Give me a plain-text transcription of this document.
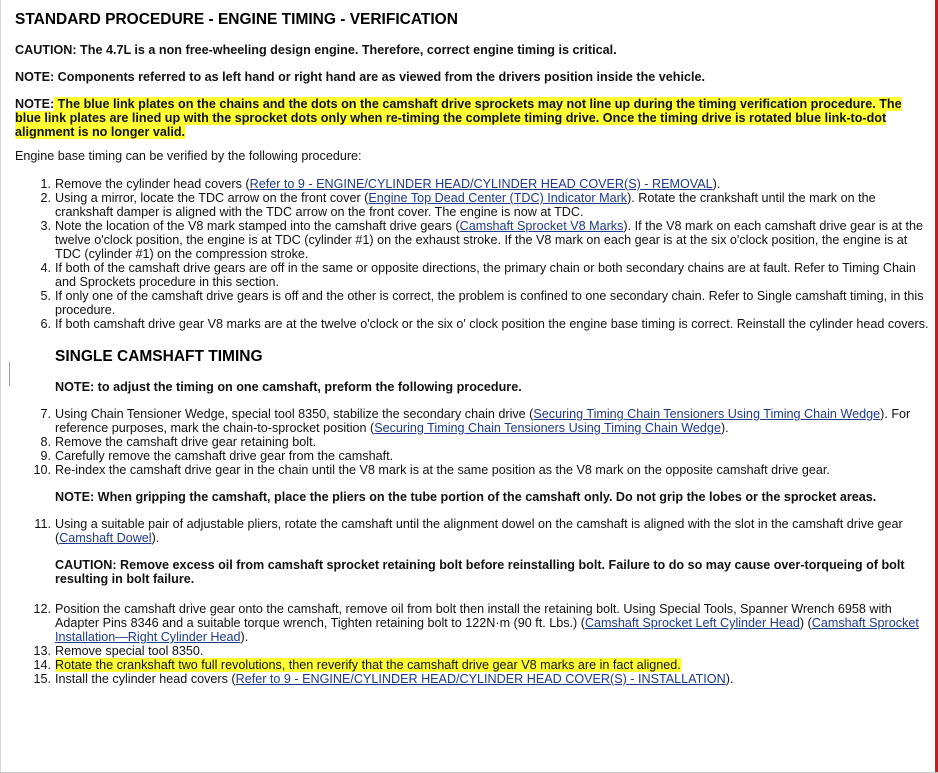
STANDARD PROCEDURE - ENGINE TIMING - VERIFICATION

CAUTION: The 4.7L is a non free-wheeling design engine. Therefore, correct engine timing is critical.

NOTE: Components referred to as left hand or right hand are as viewed from the drivers position inside the vehicle.

NOTE: The blue link plates on the chains and the dots on the camshaft drive sprockets may not line up during the timing verification procedure. The blue link plates are lined up with the sprocket dots only when re-timing the complete timing drive. Once the timing drive is rotated blue link-to-dot alignment is no longer valid.

Engine base timing can be verified by the following procedure:

1. Remove the cylinder head covers (Refer to 9 - ENGINE/CYLINDER HEAD/CYLINDER HEAD COVER(S) - REMOVAL).
2. Using a mirror, locate the TDC arrow on the front cover (Engine Top Dead Center (TDC) Indicator Mark). Rotate the crankshaft until the mark on the crankshaft damper is aligned with the TDC arrow on the front cover. The engine is now at TDC.
3. Note the location of the V8 mark stamped into the camshaft drive gears (Camshaft Sprocket V8 Marks). If the V8 mark on each camshaft drive gear is at the twelve o'clock position, the engine is at TDC (cylinder #1) on the exhaust stroke. If the V8 mark on each gear is at the six o'clock position, the engine is at TDC (cylinder #1) on the compression stroke.
4. If both of the camshaft drive gears are off in the same or opposite directions, the primary chain or both secondary chains are at fault. Refer to Timing Chain and Sprockets procedure in this section.
5. If only one of the camshaft drive gears is off and the other is correct, the problem is confined to one secondary chain. Refer to Single camshaft timing, in this procedure.
6. If both camshaft drive gear V8 marks are at the twelve o'clock or the six o' clock position the engine base timing is correct. Reinstall the cylinder head covers.
SINGLE CAMSHAFT TIMING

NOTE: to adjust the timing on one camshaft, preform the following procedure.

7. Using Chain Tensioner Wedge, special tool 8350, stabilize the secondary chain drive (Securing Timing Chain Tensioners Using Timing Chain Wedge). For reference purposes, mark the chain-to-sprocket position (Securing Timing Chain Tensioners Using Timing Chain Wedge).
8. Remove the camshaft drive gear retaining bolt.
9. Carefully remove the camshaft drive gear from the camshaft.
10. Re-index the camshaft drive gear in the chain until the V8 mark is at the same position as the V8 mark on the opposite camshaft drive gear.

NOTE: When gripping the camshaft, place the pliers on the tube portion of the camshaft only. Do not grip the lobes or the sprocket areas.

11. Using a suitable pair of adjustable pliers, rotate the camshaft until the alignment dowel on the camshaft is aligned with the slot in the camshaft drive gear (Camshaft Dowel).

CAUTION: Remove excess oil from camshaft sprocket retaining bolt before reinstalling bolt. Failure to do so may cause over-torqueing of bolt resulting in bolt failure.

12. Position the camshaft drive gear onto the camshaft, remove oil from bolt then install the retaining bolt. Using Special Tools, Spanner Wrench 6958 with Adapter Pins 8346 and a suitable torque wrench, Tighten retaining bolt to 122N·m (90 ft. Lbs.) (Camshaft Sprocket Left Cylinder Head) (Camshaft Sprocket Installation—Right Cylinder Head).
13. Remove special tool 8350.
14. Rotate the crankshaft two full revolutions, then reverify that the camshaft drive gear V8 marks are in fact aligned.
15. Install the cylinder head covers (Refer to 9 - ENGINE/CYLINDER HEAD/CYLINDER HEAD COVER(S) - INSTALLATION).
